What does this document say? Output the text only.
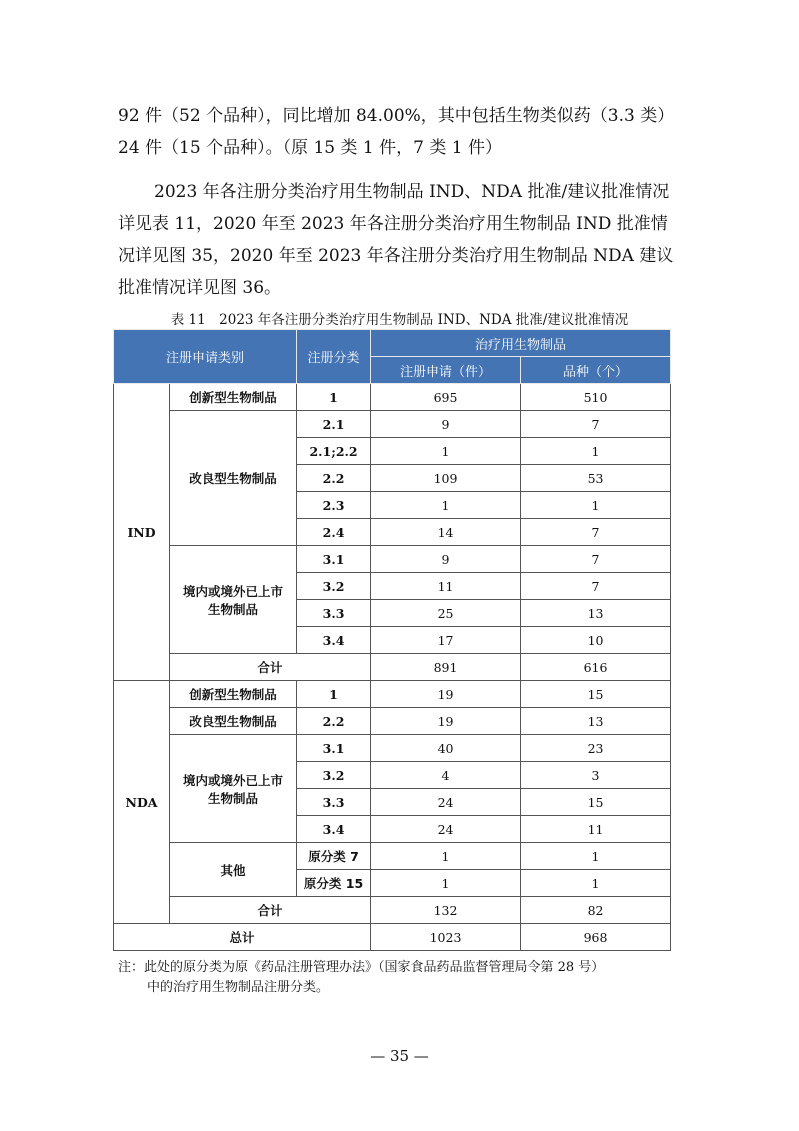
92 件（52 个品种），同比增加 84.00%，其中包括生物类似药（3.3 类）24 件（15 个品种）。（原 15 类 1 件，7 类 1 件）

2023 年各注册分类治疗用生物制品 IND、NDA 批准/建议批准情况详见表 11，2020 年至 2023 年各注册分类治疗用生物制品 IND 批准情况详见图 35，2020 年至 2023 年各注册分类治疗用生物制品 NDA 建议批准情况详见图 36。

表 11　2023 年各注册分类治疗用生物制品 IND、NDA 批准/建议批准情况
注册申请类别		注册分类	治疗用生物制品	
			注册申请（件）	品种（个）
IND	创新型生物制品	1	695	510
	改良型生物制品	2.1	9	7
		2.1;2.2	1	1
		2.2	109	53
		2.3	1	1
		2.4	14	7
	境内或境外已上市生物制品	3.1	9	7
		3.2	11	7
		3.3	25	13
		3.4	17	10
	合计		891	616
NDA	创新型生物制品	1	19	15
	改良型生物制品	2.2	19	13
	境内或境外已上市生物制品	3.1	40	23
		3.2	4	3
		3.3	24	15
		3.4	24	11
	其他	原分类 7	1	1
		原分类 15	1	1
	合计		132	82
总计			1023	968

注：此处的原分类为原《药品注册管理办法》（国家食品药品监督管理局令第 28 号）
中的治疗用生物制品注册分类。

— 35 —
